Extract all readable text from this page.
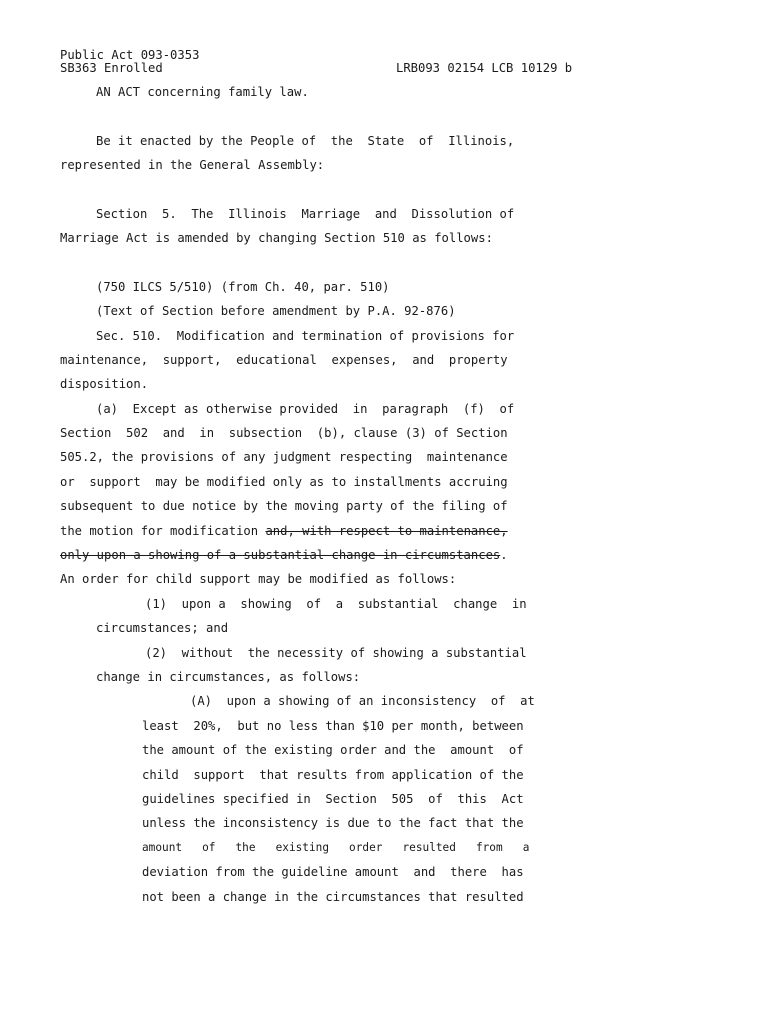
Public Act 093-0353
SB363 Enrolled	LRB093 02154 LCB 10129 b
AN ACT concerning family law.
Be it enacted by the People of  the  State  of  Illinois,
represented in the General Assembly:
Section  5.  The  Illinois  Marriage  and  Dissolution of
Marriage Act is amended by changing Section 510 as follows:
(750 ILCS 5/510) (from Ch. 40, par. 510)
(Text of Section before amendment by P.A. 92-876)
Sec. 510.  Modification and termination of provisions for
maintenance,  support,  educational  expenses,  and  property
disposition.
(a)  Except as otherwise provided  in  paragraph  (f)  of
Section  502  and  in  subsection  (b), clause (3) of Section
505.2, the provisions of any judgment respecting  maintenance
or  support  may be modified only as to installments accruing
subsequent to due notice by the moving party of the filing of
the motion for modification and, with respect to maintenance,
only upon a showing of a substantial change in circumstances.
An order for child support may be modified as follows:
(1)  upon a  showing  of  a  substantial  change  in
circumstances; and
(2)  without  the necessity of showing a substantial
change in circumstances, as follows:
(A)  upon a showing of an inconsistency  of  at
least  20%,  but no less than $10 per month, between
the amount of the existing order and the  amount  of
child  support  that results from application of the
guidelines specified in  Section  505  of  this  Act
unless the inconsistency is due to the fact that the
amount   of   the   existing   order   resulted   from   a
deviation from the guideline amount  and  there  has
not been a change in the circumstances that resulted
